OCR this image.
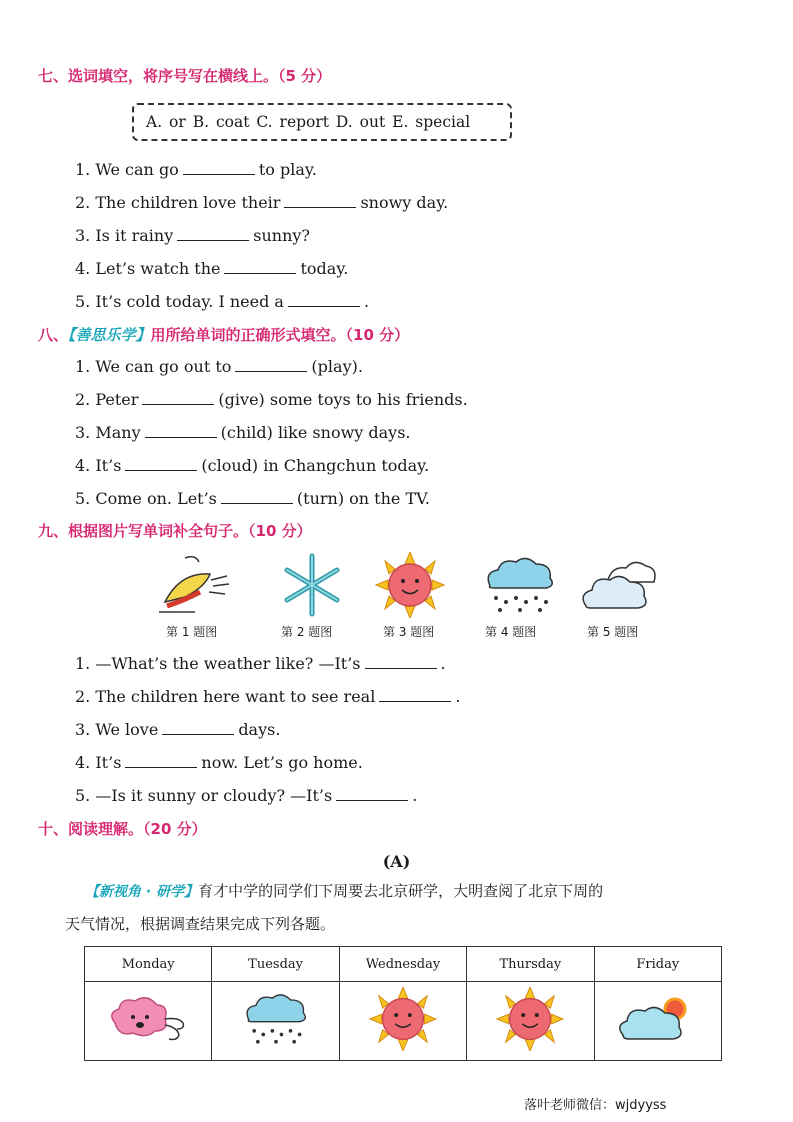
七、选词填空，将序号写在横线上。（5 分）
A. or B. coat C. report D. out E. special
1. We can go	to play.
2. The children love their	snowy day.
3. Is it rainy	sunny?
4. Let’s watch the	today.
5. It’s cold today. I need a	.
八、【善思乐学】用所给单词的正确形式填空。（10 分）
1. We can go out to	(play).
2. Peter	(give) some toys to his friends.
3. Many	(child) like snowy days.
4. It’s	(cloud) in Changchun today.
5. Come on. Let’s	(turn) on the TV.
九、根据图片写单词补全句子。（10 分）
第 1 题图	第 2 题图	第 3 题图	第 4 题图	第 5 题图
1. —What’s the weather like? —It’s	.
2. The children here want to see real	.
3. We love	days.
4. It’s	now. Let’s go home.
5. —Is it sunny or cloudy? —It’s	.
十、阅读理解。（20 分）
(A)
【新视角 · 研学】育才中学的同学们下周要去北京研学，大明查阅了北京下周的
天气情况，根据调查结果完成下列各题。
Monday	Tuesday	Wednesday	Thursday	Friday

落叶老师微信：wjdyyss
